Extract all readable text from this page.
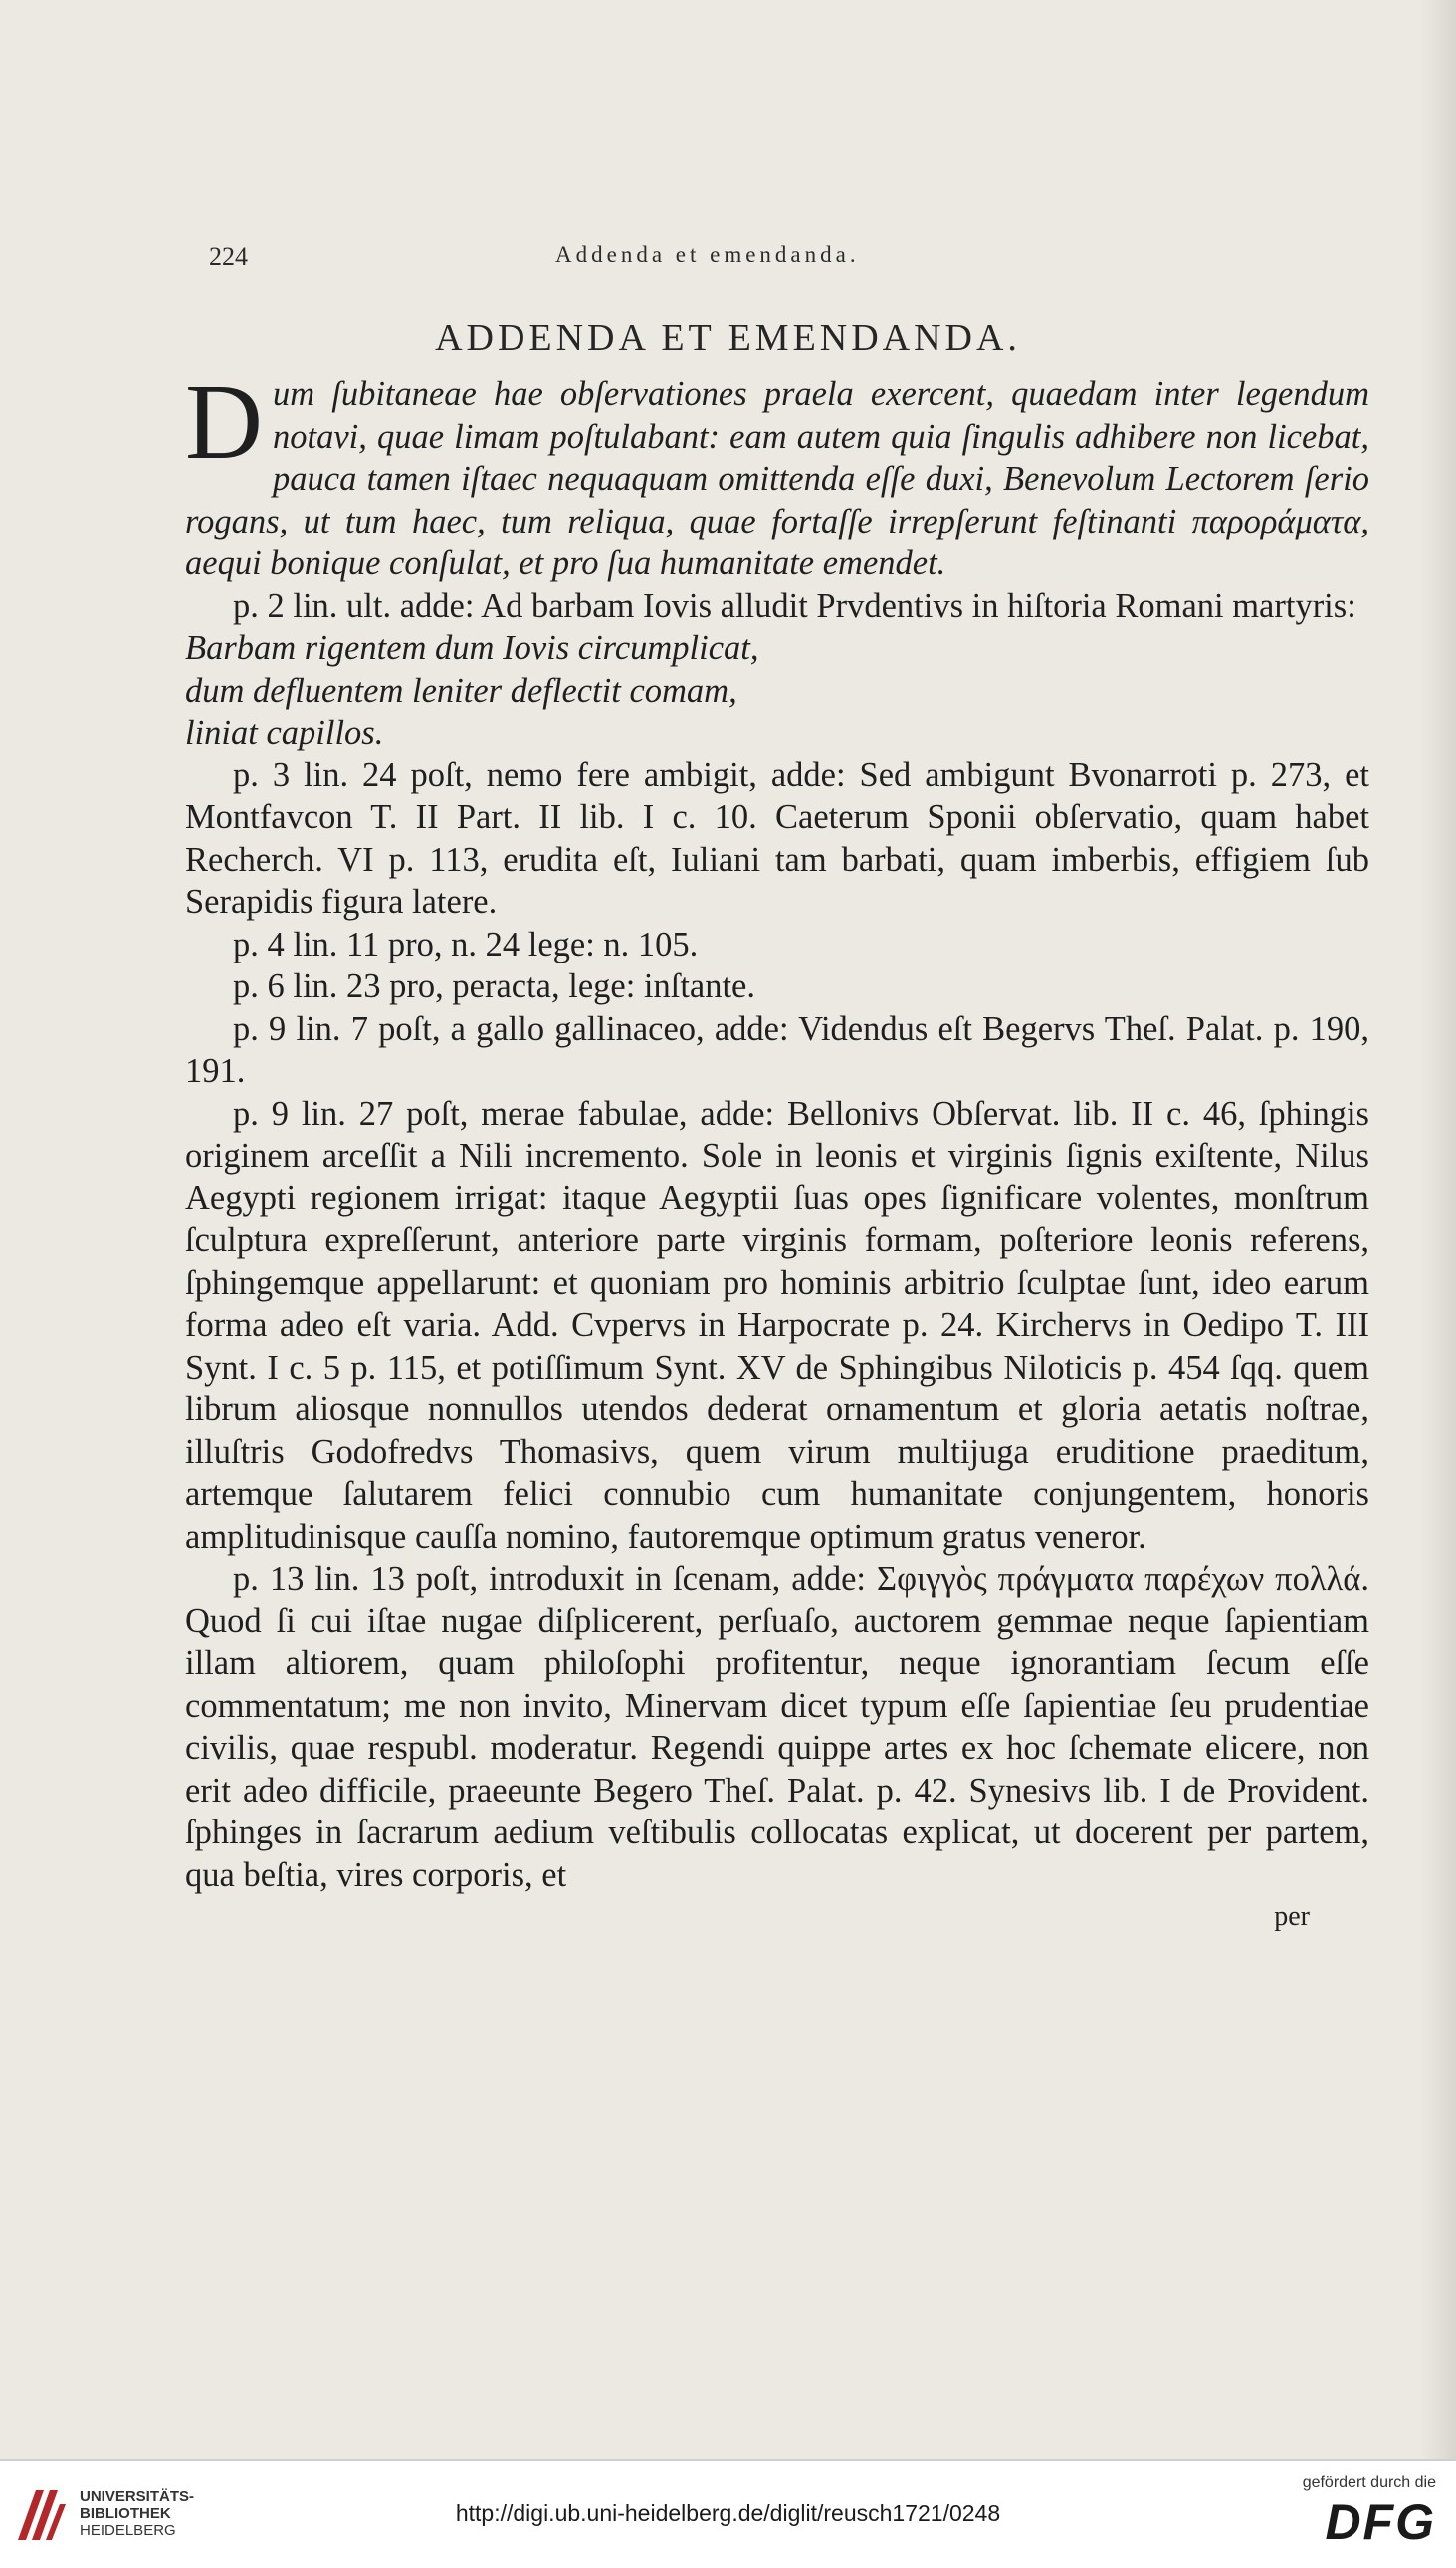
224	Addenda et emendanda.
ADDENDA ET EMENDANDA.

Dum ſubitaneae hae obſervationes praela exercent, quaedam inter legendum notavi, quae limam poſtulabant: eam autem quia ſingulis adhibere non licebat, pauca tamen iſtaec nequaquam omittenda eſſe duxi, Benevolum Lectorem ſerio rogans, ut tum haec, tum reliqua, quae fortaſſe irrepſerunt feſtinanti παρoράματα, aequi bonique conſulat, et pro ſua humanitate emendet.

p. 2 lin. ult. adde: Ad barbam Iovis alludit Prvdentivs in hiſtoria Romani martyris:

Barbam rigentem dum Iovis circumplicat,

dum defluentem leniter deflectit comam,

liniat capillos.

p. 3 lin. 24 poſt, nemo fere ambigit, adde: Sed ambigunt Bvonarroti p. 273, et Montfavcon T. II Part. II lib. I c. 10. Caeterum Sponii obſervatio, quam habet Recherch. VI p. 113, erudita eſt, Iuliani tam barbati, quam imberbis, effigiem ſub Serapidis figura latere.

p. 4 lin. 11 pro, n. 24 lege: n. 105.

p. 6 lin. 23 pro, peracta, lege: inſtante.

p. 9 lin. 7 poſt, a gallo gallinaceo, adde: Videndus eſt Begervs Theſ. Palat. p. 190, 191.

p. 9 lin. 27 poſt, merae fabulae, adde: Bellonivs Obſervat. lib. II c. 46, ſphingis originem arceſſit a Nili incremento. Sole in leonis et virginis ſignis exiſtente, Nilus Aegypti regionem irrigat: itaque Aegyptii ſuas opes ſignificare volentes, monſtrum ſculptura expreſſerunt, anteriore parte virginis formam, poſteriore leonis referens, ſphingemque appellarunt: et quoniam pro hominis arbitrio ſculptae ſunt, ideo earum forma adeo eſt varia. Add. Cvpervs in Harpocrate p. 24. Kirchervs in Oedipo T. III Synt. I c. 5 p. 115, et potiſſimum Synt. XV de Sphingibus Niloticis p. 454 ſqq. quem librum aliosque nonnullos utendos dederat ornamentum et gloria aetatis noſtrae, illuſtris Godofredvs Thomasivs, quem virum multijuga eruditione praeditum, artemque ſalutarem felici connubio cum humanitate conjungentem, honoris amplitudinisque cauſſa nomino, fautoremque optimum gratus veneror.

p. 13 lin. 13 poſt, introduxit in ſcenam, adde: Σφιγγὸς πράγματα παρέχων πολλά. Quod ſi cui iſtae nugae diſplicerent, perſuaſo, auctorem gemmae neque ſapientiam illam altiorem, quam philoſophi profitentur, neque ignorantiam ſecum eſſe commentatum; me non invito, Minervam dicet typum eſſe ſapientiae ſeu prudentiae civilis, quae respubl. moderatur. Regendi quippe artes ex hoc ſchemate elicere, non erit adeo difficile, praeeunte Begero Theſ. Palat. p. 42. Synesivs lib. I de Provident. ſphinges in ſacrarum aedium veſtibulis collocatas explicat, ut docerent per partem, qua beſtia, vires corporis, et

per

UNIVERSITÄTS-
BIBLIOTHEK
HEIDELBERG
http://digi.ub.uni-heidelberg.de/diglit/reusch1721/0248
gefördert durch die
DFG
